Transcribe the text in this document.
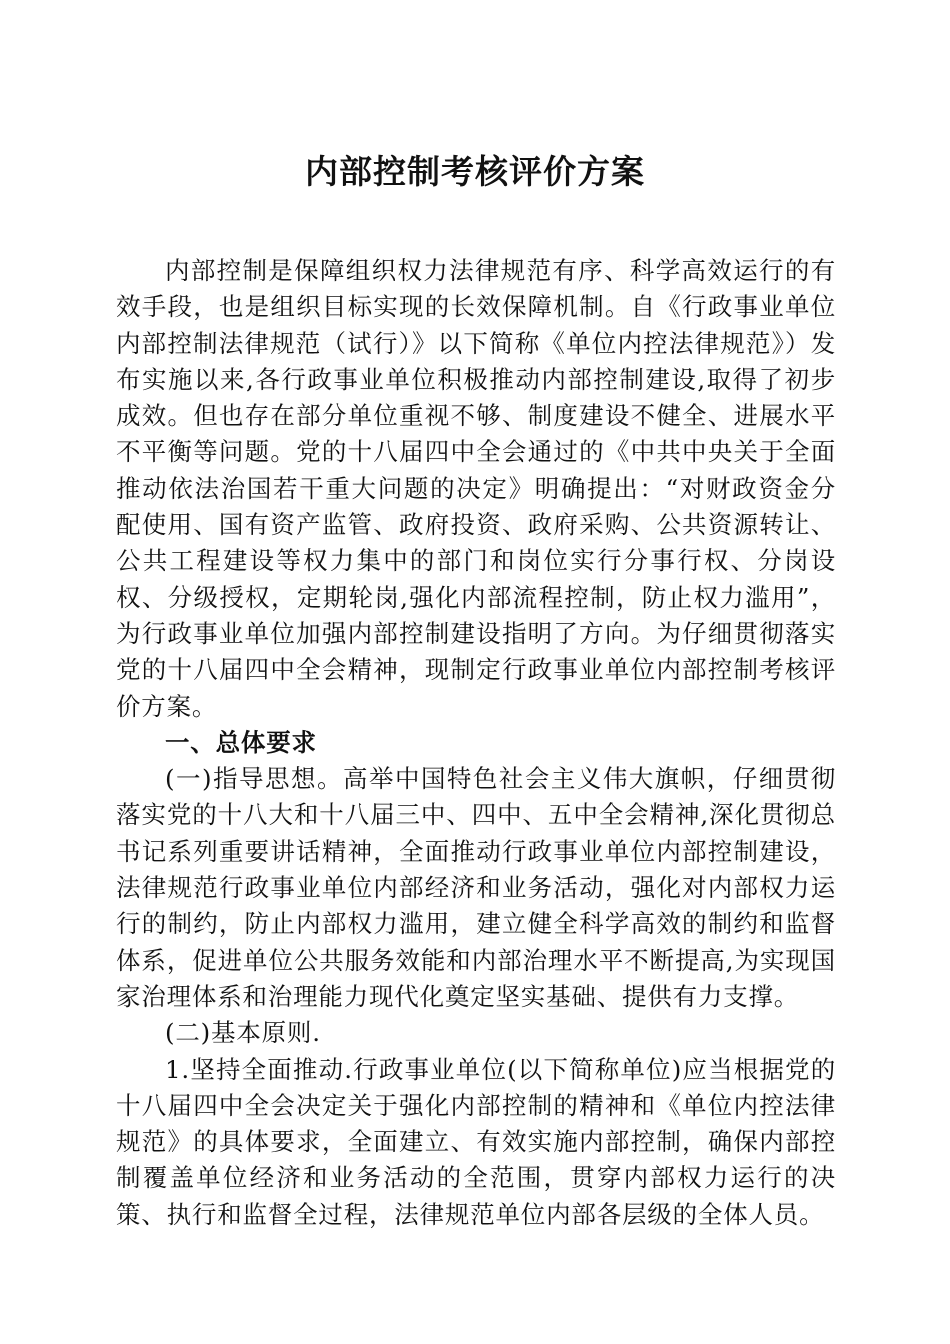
内部控制考核评价方案

内部控制是保障组织权力法律规范有序、科学高效运行的有效手段，也是组织目标实现的长效保障机制。自《行政事业单位内部控制法律规范（试行）》以下简称《单位内控法律规范》）发布实施以来,各行政事业单位积极推动内部控制建设,取得了初步成效。但也存在部分单位重视不够、制度建设不健全、进展水平不平衡等问题。党的十八届四中全会通过的《中共中央关于全面推动依法治国若干重大问题的决定》明确提出：“对财政资金分配使用、国有资产监管、政府投资、政府采购、公共资源转让、公共工程建设等权力集中的部门和岗位实行分事行权、分岗设权、分级授权，定期轮岗,强化内部流程控制，防止权力滥用”，为行政事业单位加强内部控制建设指明了方向。为仔细贯彻落实党的十八届四中全会精神，现制定行政事业单位内部控制考核评价方案。

一、总体要求

(一)指导思想。高举中国特色社会主义伟大旗帜，仔细贯彻落实党的十八大和十八届三中、四中、五中全会精神,深化贯彻总书记系列重要讲话精神，全面推动行政事业单位内部控制建设，法律规范行政事业单位内部经济和业务活动，强化对内部权力运行的制约，防止内部权力滥用，建立健全科学高效的制约和监督体系，促进单位公共服务效能和内部治理水平不断提高,为实现国家治理体系和治理能力现代化奠定坚实基础、提供有力支撑。

(二)基本原则.

1.坚持全面推动.行政事业单位(以下简称单位)应当根据党的十八届四中全会决定关于强化内部控制的精神和《单位内控法律规范》的具体要求，全面建立、有效实施内部控制，确保内部控制覆盖单位经济和业务活动的全范围，贯穿内部权力运行的决策、执行和监督全过程，法律规范单位内部各层级的全体人员。
